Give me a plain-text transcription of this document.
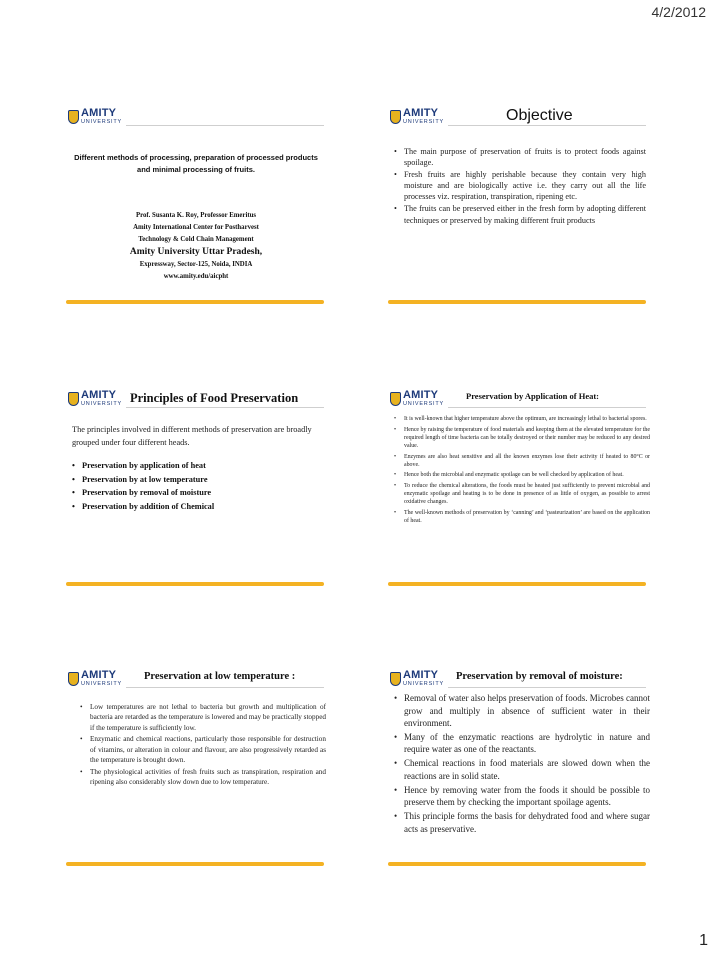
4/2/2012
AMITY
UNIVERSITY
Different methods of processing, preparation of processed products and minimal processing of fruits.
Prof. Susanta K. Roy, Professor Emeritus
Amity International Center for Postharvest
Technology & Cold Chain Management
Amity University Uttar Pradesh,
Expressway, Sector-125, Noida, INDIA
www.amity.edu/aicpht
AMITY
UNIVERSITY	Objective
• The main purpose of preservation of fruits is to protect foods against spoilage.
• Fresh fruits are highly perishable because they contain very high moisture and are biologically active i.e. they carry out all the life processes viz. respiration, transpiration, ripening etc.
• The fruits can be preserved either in the fresh form by adopting different techniques or preserved by making different fruit products
AMITY
UNIVERSITY Principles of Food Preservation
The principles involved in different methods of preservation are broadly grouped under four different heads.
• Preservation by application of heat
• Preservation by at low temperature
• Preservation by removal of moisture
• Preservation by addition of Chemical
AMITY
UNIVERSITY
Preservation by Application of Heat:
• It is well-known that higher temperature above the optimum, are increasingly lethal to bacterial spores.
• Hence by raising the temperature of food materials and keeping them at the elevated temperature for the required length of time bacteria can be totally destroyed or their number may be reduced to any desired value.
• Enzymes are also heat sensitive and all the known enzymes lose their activity if heated to 80°C or above.
• Hence both the microbial and enzymatic spoilage can be well checked by application of heat.
• To reduce the chemical alterations, the foods must be heated just sufficiently to prevent microbial and enzymatic spoilage and heating is to be done in presence of as little of oxygen, as possible to arrest oxidative changes.
• The well-known methods of preservation by ‘canning’ and ‘pasteurization’ are based on the application of heat.
AMITY
UNIVERSITY
Preservation at low temperature :
• Low temperatures are not lethal to bacteria but growth and multiplication of bacteria are retarded as the temperature is lowered and may be practically stopped if the temperature is sufficiently low.
• Enzymatic and chemical reactions, particularly those responsible for destruction of vitamins, or alteration in colour and flavour, are also progressively retarded as the temperature is brought down.
• The physiological activities of fresh fruits such as transpiration, respiration and ripening also considerably slow down due to low temperature.
AMITY
UNIVERSITY
Preservation by removal of moisture:
• Removal of water also helps preservation of foods. Microbes cannot grow and multiply in absence of sufficient water in their environment.
• Many of the enzymatic reactions are hydrolytic in nature and require water as one of the reactants.
• Chemical reactions in food materials are slowed down when the reactions are in solid state.
• Hence by removing water from the foods it should be possible to preserve them by checking the important spoilage agents.
• This principle forms the basis for dehydrated food and where sugar acts as preservative.
1
